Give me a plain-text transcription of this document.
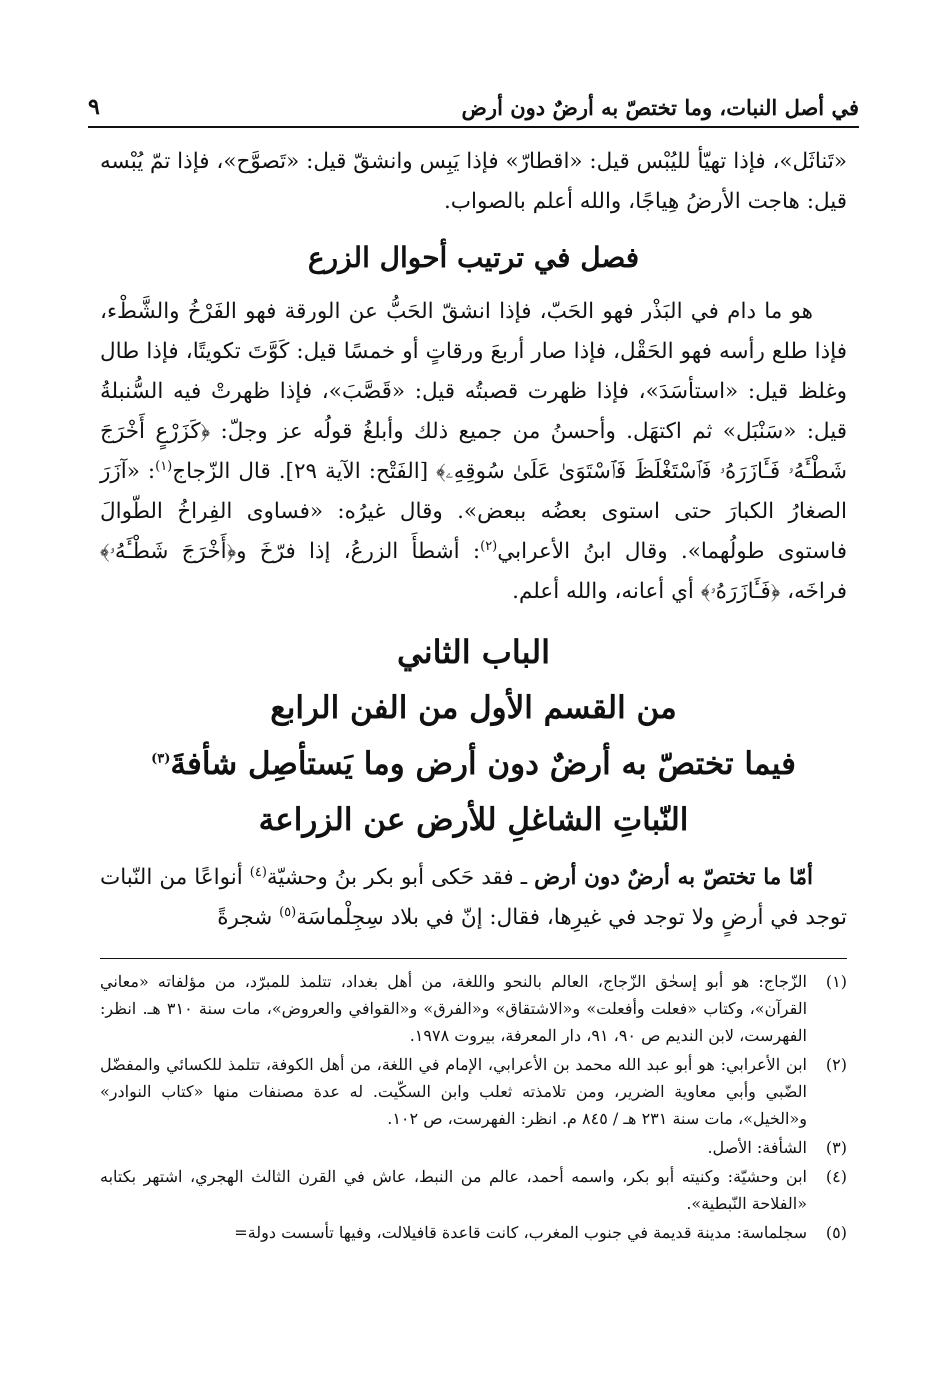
في أصل النبات، وما تختصّ به أرضٌ دون أرض
٩

«تَناثَل»، فإذا تهيّأ لليُبْس قيل: «اقطارّ» فإذا يَبِس وانشقّ قيل: «تَصوَّح»، فإذا تمّ يُبْسه قيل: هاجت الأرضُ هِياجًا، والله أعلم بالصواب.

فصل في ترتيب أحوال الزرع

هو ما دام في البَذْر فهو الحَبّ، فإذا انشقّ الحَبُّ عن الورقة فهو الفَرْخُ والشَّطْء، فإذا طلع رأسه فهو الحَقْل، فإذا صار أربعَ ورقاتٍ أو خمسًا قيل: كَوَّتَ تكويتًا، فإذا طال وغلظ قيل: «استأسَدَ»، فإذا ظهرت قصبتُه قيل: «قَصَّبَ»، فإذا ظهرتْ فيه السُّنبلةُ قيل: «سَنْبَل» ثم اكتهَل. وأحسنُ من جميع ذلك وأبلغُ قولُه عز وجلّ: ﴿كَزَرْعٍ أَخْرَجَ شَطْـَٔهُۥ فَـَٔازَرَهُۥ فَٱسْتَغْلَظَ فَٱسْتَوَىٰ عَلَىٰ سُوقِهِۦ﴾ [الفَتْح: الآية ٢٩]. قال الزّجاج$^{(١)}$: «آزَرَ الصغارُ الكبارَ حتى استوى بعضُه ببعض». وقال غيرُه: «فساوى الفِراخُ الطّوالَ فاستوى طولُهما». وقال ابنُ الأعرابي$^{(٢)}$: أشطأَ الزرعُ، إذا فرّخَ و﴿أَخْرَجَ شَطْـَٔهُۥ﴾ فراخَه، ﴿فَـَٔازَرَهُۥ﴾ أي أعانه، والله أعلم.

الباب الثاني
من القسم الأول من الفن الرابع
فيما تختصّ به أرضٌ دون أرض وما يَستأصِل شأفةَ$^{(٣)}$
النّباتِ الشاغلِ للأرض عن الزراعة

أمّا ما تختصّ به أرضٌ دون أرض ـ فقد حَكى أبو بكر بنُ وحشيّة$^{(٤)}$ أنواعًا من النّبات توجد في أرضٍ ولا توجد في غيرِها، فقال: إنّ في بلاد سِجِلْماسَة$^{(٥)}$ شجرةً

(١)
الزّجاج: هو أبو إسحٰق الزّجاج، العالم بالنحو واللغة، من أهل بغداد، تتلمذ للمبرّد، من مؤلفاته «معاني القرآن»، وكتاب «فعلت وأفعلت» و«الاشتقاق» و«الفرق» و«القوافي والعروض»، مات سنة ٣١٠ هـ. انظر: الفهرست، لابن النديم ص ٩٠، ٩١، دار المعرفة، بيروت ١٩٧٨.
(٢)
ابن الأعرابي: هو أبو عبد الله محمد بن الأعرابي، الإمام في اللغة، من أهل الكوفة، تتلمذ للكسائي والمفضّل الضّبي وأبي معاوية الضرير، ومن تلامذته ثعلب وابن السكّيت. له عدة مصنفات منها «كتاب النوادر» و«الخيل»، مات سنة ٢٣١ هـ / ٨٤٥ م. انظر: الفهرست، ص ١٠٢.
(٣)
الشأفة: الأصل.
(٤)
ابن وحشيّة: وكنيته أبو بكر، واسمه أحمد، عالم من النبط، عاش في القرن الثالث الهجري، اشتهر بكتابه «الفلاحة النّبطية».
(٥)
سجلماسة: مدينة قديمة في جنوب المغرب، كانت قاعدة قافيلالت، وفيها تأسست دولة=
